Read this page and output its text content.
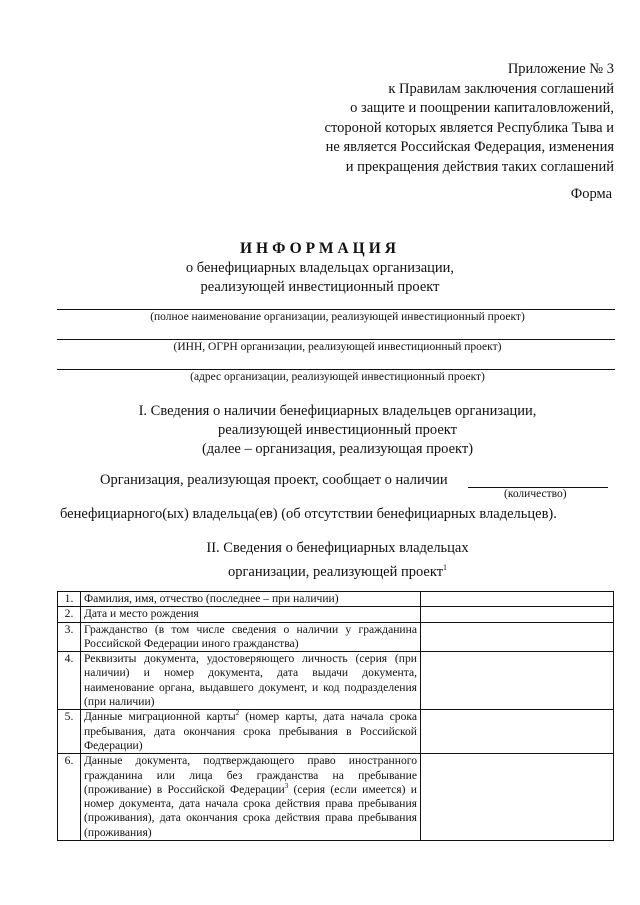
Приложение № 3
к Правилам заключения соглашений
о защите и поощрении капиталовложений,
стороной которых является Республика Тыва и
не является Российская Федерация, изменения
и прекращения действия таких соглашений
Форма
ИНФОРМАЦИЯ
о бенефициарных владельцах организации,
реализующей инвестиционный проект
(полное наименование организации, реализующей инвестиционный проект)
(ИНН, ОГРН организации, реализующей инвестиционный проект)
(адрес организации, реализующей инвестиционный проект)
I. Сведения о наличии бенефициарных владельцев организации,
реализующей инвестиционный проект
(далее – организация, реализующая проект)
Организация, реализующая проект, сообщает о наличии
(количество)
бенефициарного(ых) владельца(ев) (об отсутствии бенефициарных владельцев).
II. Сведения о бенефициарных владельцах
организации, реализующей проект$^1$
1.	Фамилия, имя, отчество (последнее – при наличии)	
2.	Дата и место рождения	
3.	Гражданство (в том числе сведения о наличии у гражданина Российской Федерации иного гражданства)	
4.	Реквизиты документа, удостоверяющего личность (серия (при наличии) и номер документа, дата выдачи документа, наименование органа, выдавшего документ, и код подразделения (при наличии)	
5.	Данные миграционной карты$^2$ (номер карты, дата начала срока пребывания, дата окончания срока пребывания в Российской Федерации)	
6.	Данные документа, подтверждающего право иностранного гражданина или лица без гражданства на пребывание (проживание) в Российской Федерации$^3$ (серия (если имеется) и номер документа, дата начала срока действия права пребывания (проживания), дата окончания срока действия права пребывания (проживания)	
